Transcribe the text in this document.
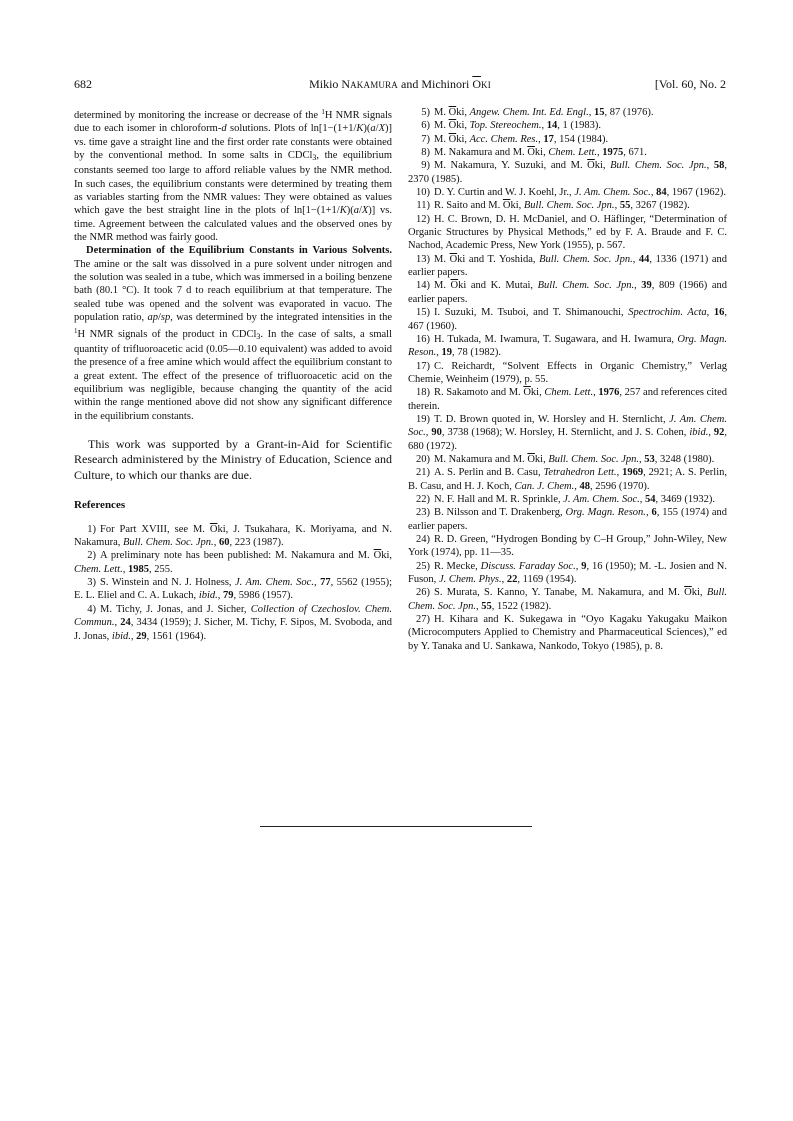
682	Mikio NAKAMURA and Michinori $\overline{O}KI$	[Vol. 60, No. 2

determined by monitoring the increase or decrease of the $^1$H NMR signals due to each isomer in chloroform-d solutions. Plots of ln[1−(1+1/K)(a/X)] vs. time gave a straight line and the first order rate constants were obtained by the conventional method. In some salts in CDCl$_3$, the equilibrium constants seemed too large to afford reliable values by the NMR method. In such cases, the equilibrium constants were determined by treating them as variables starting from the NMR values: They were obtained as values which gave the best straight line in the plots of ln[1−(1+1/K)(a/X)] vs. time. Agreement between the calculated values and the observed ones by the NMR method was fairly good.

Determination of the Equilibrium Constants in Various Solvents. The amine or the salt was dissolved in a pure solvent under nitrogen and the solution was sealed in a tube, which was immersed in a boiling benzene bath (80.1 °C). It took 7 d to reach equilibrium at that temperature. The sealed tube was opened and the solvent was evaporated in vacuo. The population ratio, ap/sp, was determined by the integrated intensities in the $^1$H NMR signals of the product in CDCl$_3$. In the case of salts, a small quantity of trifluoroacetic acid (0.05—0.10 equivalent) was added to avoid the presence of a free amine which would affect the equilibrium constant to a great extent. The effect of the presence of trifluoroacetic acid on the equilibrium was negligible, because changing the quantity of the acid within the range mentioned above did not show any significant difference in the equilibrium constants.

This work was supported by a Grant-in-Aid for Scientific Research administered by the Ministry of Education, Science and Culture, to which our thanks are due.

References

1) For Part XVIII, see M. $\overline{O}ki$, J. Tsukahara, K. Moriyama, and N. Nakamura, Bull. Chem. Soc. Jpn., 60, 223 (1987).

2) A preliminary note has been published: M. Nakamura and M. $\overline{O}ki$, Chem. Lett., 1985, 255.

3) S. Winstein and N. J. Holness, J. Am. Chem. Soc., 77, 5562 (1955); E. L. Eliel and C. A. Lukach, ibid., 79, 5986 (1957).

4) M. Tichy, J. Jonas, and J. Sicher, Collection of Czechoslov. Chem. Commun., 24, 3434 (1959); J. Sicher, M. Tichy, F. Sipos, M. Svoboda, and J. Jonas, ibid., 29, 1561 (1964).

5) M. $\overline{O}ki$, Angew. Chem. Int. Ed. Engl., 15, 87 (1976).

6) M. $\overline{O}ki$, Top. Stereochem., 14, 1 (1983).

7) M. $\overline{O}ki$, Acc. Chem. Res., 17, 154 (1984).

8) M. Nakamura and M. $\overline{O}ki$, Chem. Lett., 1975, 671.

9) M. Nakamura, Y. Suzuki, and M. $\overline{O}ki$, Bull. Chem. Soc. Jpn., 58, 2370 (1985).

10) D. Y. Curtin and W. J. Koehl, Jr., J. Am. Chem. Soc., 84, 1967 (1962).

11) R. Saito and M. $\overline{O}ki$, Bull. Chem. Soc. Jpn., 55, 3267 (1982).

12) H. C. Brown, D. H. McDaniel, and O. Häflinger, “Determination of Organic Structures by Physical Methods,” ed by F. A. Braude and F. C. Nachod, Academic Press, New York (1955), p. 567.

13) M. $\overline{O}ki$ and T. Yoshida, Bull. Chem. Soc. Jpn., 44, 1336 (1971) and earlier papers.

14) M. $\overline{O}ki$ and K. Mutai, Bull. Chem. Soc. Jpn., 39, 809 (1966) and earlier papers.

15) I. Suzuki, M. Tsuboi, and T. Shimanouchi, Spectrochim. Acta, 16, 467 (1960).

16) H. Tukada, M. Iwamura, T. Sugawara, and H. Iwamura, Org. Magn. Reson., 19, 78 (1982).

17) C. Reichardt, “Solvent Effects in Organic Chemistry,” Verlag Chemie, Weinheim (1979), p. 55.

18) R. Sakamoto and M. $\overline{O}ki$, Chem. Lett., 1976, 257 and references cited therein.

19) T. D. Brown quoted in, W. Horsley and H. Sternlicht, J. Am. Chem. Soc., 90, 3738 (1968); W. Horsley, H. Sternlicht, and J. S. Cohen, ibid., 92, 680 (1972).

20) M. Nakamura and M. $\overline{O}ki$, Bull. Chem. Soc. Jpn., 53, 3248 (1980).

21) A. S. Perlin and B. Casu, Tetrahedron Lett., 1969, 2921; A. S. Perlin, B. Casu, and H. J. Koch, Can. J. Chem., 48, 2596 (1970).

22) N. F. Hall and M. R. Sprinkle, J. Am. Chem. Soc., 54, 3469 (1932).

23) B. Nilsson and T. Drakenberg, Org. Magn. Reson., 6, 155 (1974) and earlier papers.

24) R. D. Green, “Hydrogen Bonding by C–H Group,” John-Wiley, New York (1974), pp. 11—35.

25) R. Mecke, Discuss. Faraday Soc., 9, 16 (1950); M. -L. Josien and N. Fuson, J. Chem. Phys., 22, 1169 (1954).

26) S. Murata, S. Kanno, Y. Tanabe, M. Nakamura, and M. $\overline{O}ki$, Bull. Chem. Soc. Jpn., 55, 1522 (1982).

27) H. Kihara and K. Sukegawa in “Oyo Kagaku Yakugaku Maikon (Microcomputers Applied to Chemistry and Pharmaceutical Sciences),” ed by Y. Tanaka and U. Sankawa, Nankodo, Tokyo (1985), p. 8.
